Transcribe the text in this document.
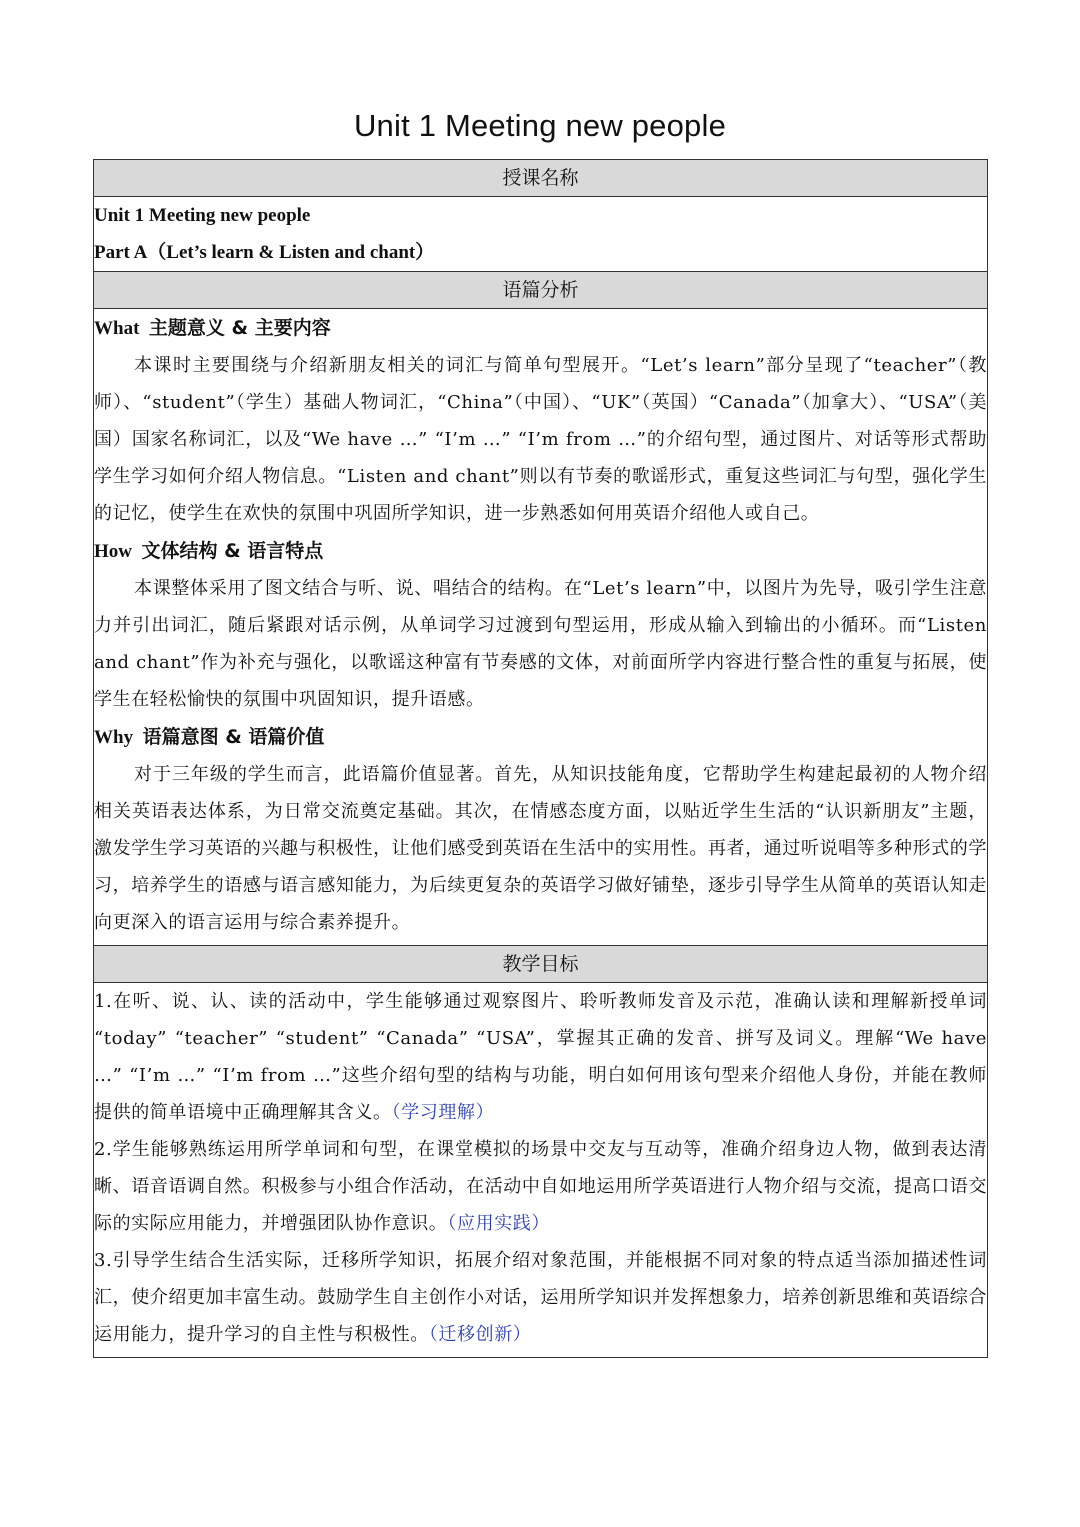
Unit 1 Meeting new people
授课名称

Unit 1 Meeting new people
Part A（Let’s learn & Listen and chant）

语篇分析

What 主题意义 & 主要内容
本课时主要围绕与介绍新朋友相关的词汇与简单句型展开。“Let’s learn”部分呈现了“teacher”（教师）、“student”（学生）基础人物词汇，“China”（中国）、“UK”（英国）“Canada”（加拿大）、“USA”（美国）国家名称词汇，以及“We have …” “I’m …” “I’m from …”的介绍句型，通过图片、对话等形式帮助学生学习如何介绍人物信息。“Listen and chant”则以有节奏的歌谣形式，重复这些词汇与句型，强化学生的记忆，使学生在欢快的氛围中巩固所学知识，进一步熟悉如何用英语介绍他人或自己。
How 文体结构 & 语言特点
本课整体采用了图文结合与听、说、唱结合的结构。在“Let’s learn”中，以图片为先导，吸引学生注意力并引出词汇，随后紧跟对话示例，从单词学习过渡到句型运用，形成从输入到输出的小循环。而“Listen and chant”作为补充与强化，以歌谣这种富有节奏感的文体，对前面所学内容进行整合性的重复与拓展，使学生在轻松愉快的氛围中巩固知识，提升语感。
Why 语篇意图 & 语篇价值
对于三年级的学生而言，此语篇价值显著。首先，从知识技能角度，它帮助学生构建起最初的人物介绍相关英语表达体系，为日常交流奠定基础。其次，在情感态度方面，以贴近学生生活的“认识新朋友”主题，激发学生学习英语的兴趣与积极性，让他们感受到英语在生活中的实用性。再者，通过听说唱等多种形式的学习，培养学生的语感与语言感知能力，为后续更复杂的英语学习做好铺垫，逐步引导学生从简单的英语认知走向更深入的语言运用与综合素养提升。

教学目标

1.在听、说、认、读的活动中，学生能够通过观察图片、聆听教师发音及示范，准确认读和理解新授单词 “today” “teacher” “student” “Canada” “USA”，掌握其正确的发音、拼写及词义。理解“We have …” “I’m …” “I’m from …”这些介绍句型的结构与功能，明白如何用该句型来介绍他人身份，并能在教师提供的简单语境中正确理解其含义。（学习理解）
2.学生能够熟练运用所学单词和句型，在课堂模拟的场景中交友与互动等，准确介绍身边人物，做到表达清晰、语音语调自然。积极参与小组合作活动，在活动中自如地运用所学英语进行人物介绍与交流，提高口语交际的实际应用能力，并增强团队协作意识。（应用实践）
3.引导学生结合生活实际，迁移所学知识，拓展介绍对象范围，并能根据不同对象的特点适当添加描述性词汇，使介绍更加丰富生动。鼓励学生自主创作小对话，运用所学知识并发挥想象力，培养创新思维和英语综合运用能力，提升学习的自主性与积极性。（迁移创新）
